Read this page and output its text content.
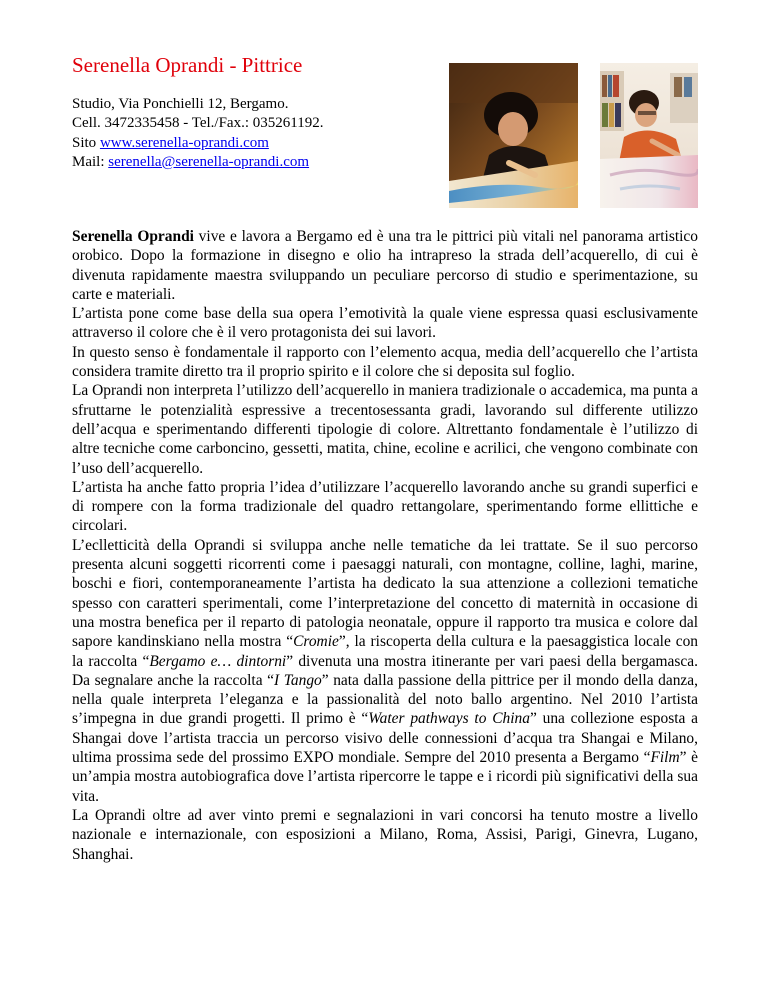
Serenella Oprandi - Pittrice
Studio, Via Ponchielli 12, Bergamo.
Cell. 3472335458 - Tel./Fax.: 035261192.
Sito www.serenella-oprandi.com
Mail: serenella@serenella-oprandi.com

Serenella Oprandi vive e lavora a Bergamo ed è una tra le pittrici più vitali nel panorama artistico orobico. Dopo la formazione in disegno e olio ha intrapreso la strada dell’acquerello, di cui è divenuta rapidamente maestra sviluppando un peculiare percorso di studio e sperimentazione, su carte e materiali.

L’artista pone come base della sua opera l’emotività la quale viene espressa quasi esclusivamente attraverso il colore che è il vero protagonista dei sui lavori.

In questo senso è fondamentale il rapporto con l’elemento acqua, media dell’acquerello che l’artista considera tramite diretto tra il proprio spirito e il colore che si deposita sul foglio.

La Oprandi non interpreta l’utilizzo dell’acquerello in maniera tradizionale o accademica, ma punta a sfruttarne le potenzialità espressive a trecentosessanta gradi, lavorando sul differente utilizzo dell’acqua e sperimentando differenti tipologie di colore. Altrettanto fondamentale è l’utilizzo di altre tecniche come carboncino, gessetti, matita, chine, ecoline e acrilici, che vengono combinate con l’uso dell’acquerello.

L’artista ha anche fatto propria l’idea d’utilizzare l’acquerello lavorando anche su grandi superfici e di rompere con la forma tradizionale del quadro rettangolare, sperimentando forme ellittiche e circolari.

L’eclletticità della Oprandi si sviluppa anche nelle tematiche da lei trattate. Se il suo percorso presenta alcuni soggetti ricorrenti come i paesaggi naturali, con montagne, colline, laghi, marine, boschi e fiori, contemporaneamente l’artista ha dedicato la sua attenzione a collezioni tematiche spesso con caratteri sperimentali, come l’interpretazione del concetto di maternità in occasione di una mostra benefica per il reparto di patologia neonatale, oppure il rapporto tra musica e colore dal sapore kandinskiano nella mostra “Cromie”, la riscoperta della cultura e la paesaggistica locale con la raccolta “Bergamo e… dintorni” divenuta una mostra itinerante per vari paesi della bergamasca. Da segnalare anche la raccolta “I Tango” nata dalla passione della pittrice per il mondo della danza, nella quale interpreta l’eleganza e la passionalità del noto ballo argentino. Nel 2010 l’artista s’impegna in due grandi progetti. Il primo è “Water pathways to China” una collezione esposta a Shangai dove l’artista traccia un percorso visivo delle connessioni d’acqua tra Shangai e Milano, ultima prossima sede del prossimo EXPO mondiale. Sempre del 2010 presenta a Bergamo “Film” è un’ampia mostra autobiografica dove l’artista ripercorre le tappe e i ricordi più significativi della sua vita.

La Oprandi oltre ad aver vinto premi e segnalazioni in vari concorsi ha tenuto mostre a livello nazionale e internazionale, con esposizioni a Milano, Roma, Assisi, Parigi, Ginevra, Lugano, Shanghai.
